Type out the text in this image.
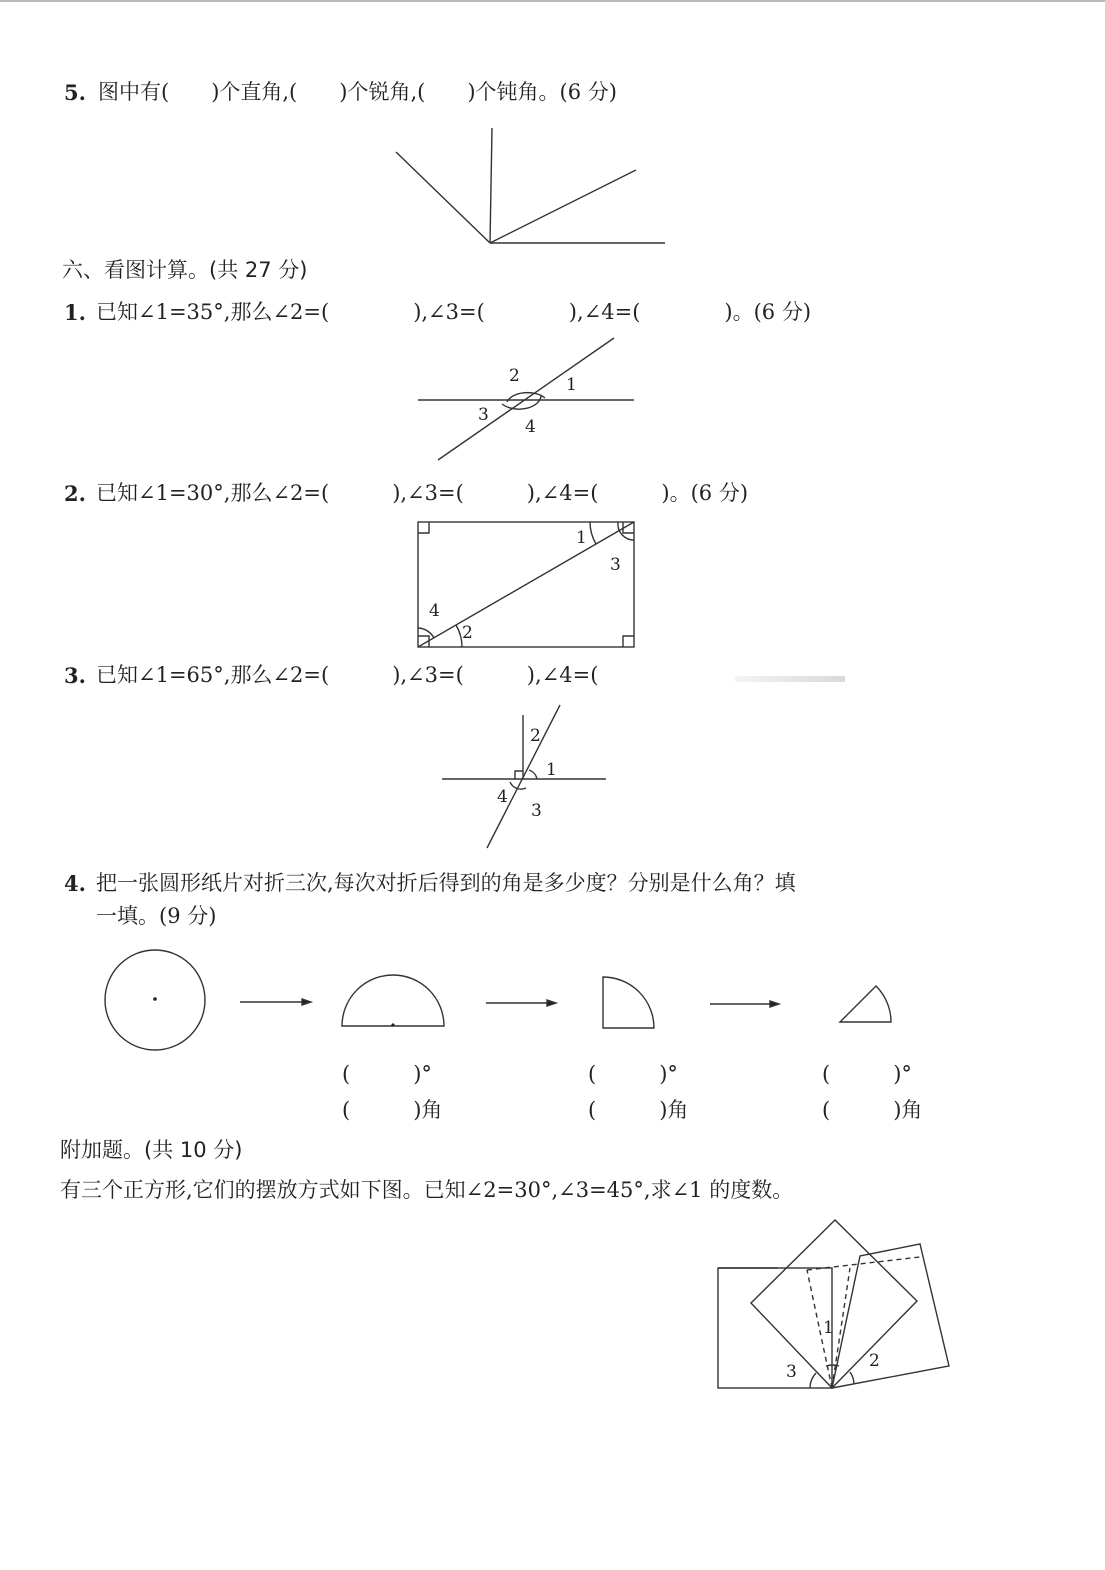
5. 图中有(　　)个直角,(　　)个锐角,(　　)个钝角。(6 分)
六、看图计算。(共 27 分)
1. 已知∠1=35°,那么∠2=(　　　　),∠3=(　　　　),∠4=(　　　　)。(6 分)
2. 已知∠1=30°,那么∠2=(　　　),∠3=(　　　),∠4=(　　　)。(6 分)
3. 已知∠1=65°,那么∠2=(　　　),∠3=(　　　),∠4=(
4. 把一张圆形纸片对折三次,每次对折后得到的角是多少度？分别是什么角？填
一填。(9 分)
(　　　)°
(　　　)角
(　　　)°
(　　　)角
(　　　)°
(　　　)角
附加题。(共 10 分)
有三个正方形,它们的摆放方式如下图。已知∠2=30°,∠3=45°,求∠1 的度数。
2	1
3
4
1
3
4
2
2
1
4
3
1
2
3
